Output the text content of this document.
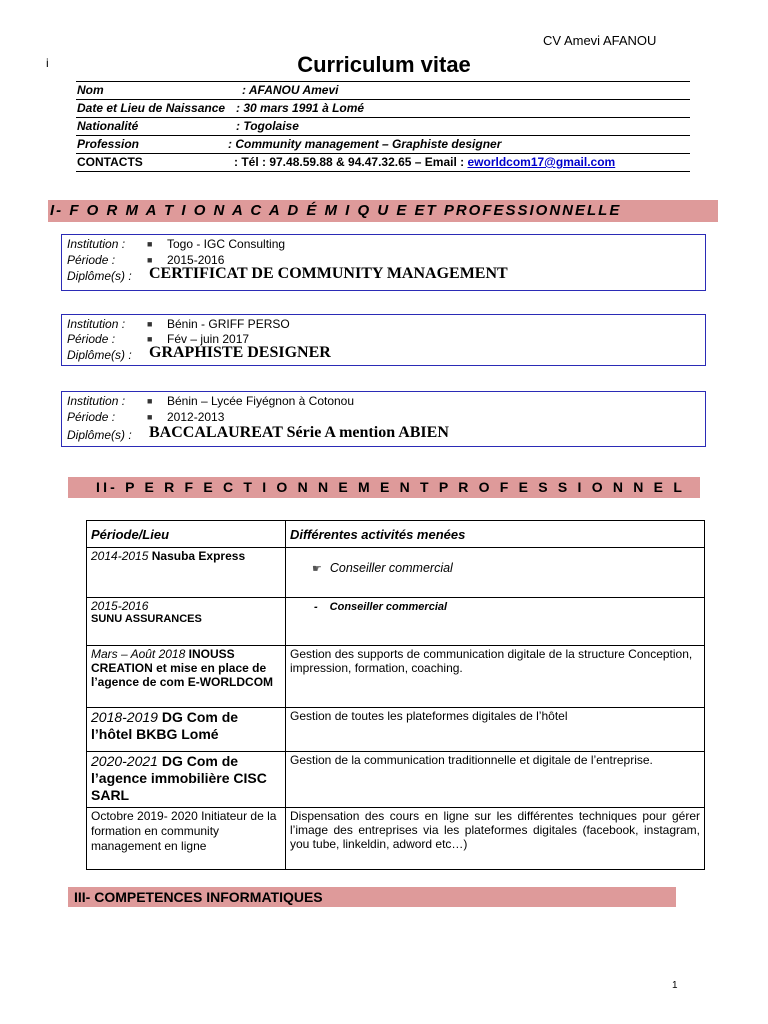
CV Amevi AFANOU
i	Curriculum vitae
Nom	: AFANOU Amevi
Date et Lieu de Naissance : 30 mars 1991 à Lomé
Nationalité	: Togolaise
Profession	: Community management – Graphiste designer
CONTACTS	: Tél : 97.48.59.88 & 94.47.32.65 – Email : eworldcom17@gmail.com
I- F O R M A T I O N A C A D É M I Q U E ET PROFESSIONNELLE
Institution : ■ Togo - IGC Consulting
Période :	■ 2015-2016
Diplôme(s) : CERTIFICAT DE COMMUNITY MANAGEMENT
Institution : ■ Bénin - GRIFF PERSO
Période :	■ Fév – juin 2017
Diplôme(s) : GRAPHISTE DESIGNER
Institution : ■ Bénin – Lycée Fiyégnon à Cotonou
Période :	■ 2012-2013
Diplôme(s) : BACCALAUREAT Série A mention ABIEN
II- P E R F E C T I O N N E M E N T P R O F E S S I O N N E L
Période/Lieu	Différentes activités menées
2014-2015 Nasuba Express	☛ Conseiller commercial

2015-2016
SUNU ASSURANCES	- Conseiller commercial

Mars – Août 2018 INOUSS CREATION et mise en place de l’agence de com E-WORLDCOM	Gestion des supports de communication digitale de la structure Conception, impression, formation, coaching.

2018-2019 DG Com de l’hôtel BKBG Lomé	Gestion de toutes les plateformes digitales de l’hôtel

2020-2021 DG Com de l’agence immobilière CISC SARL	Gestion de la communication traditionnelle et digitale de l’entreprise.

Octobre 2019- 2020 Initiateur de la formation en community management en ligne	Dispensation des cours en ligne sur les différentes techniques pour gérer l’image des entreprises via les plateformes digitales (facebook, instagram, you tube, linkeldin, adword etc…)
III- COMPETENCES INFORMATIQUES
1
